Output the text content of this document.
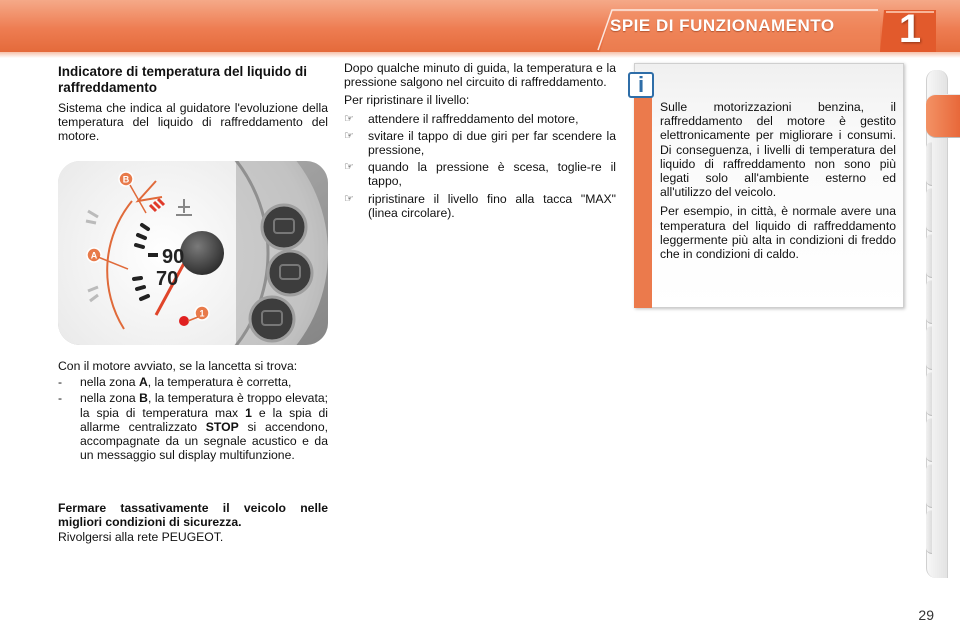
SPIE DI FUNZIONAMENTO	1
Indicatore di temperatura del liquido di raffreddamento
Sistema che indica al guidatore l'evoluzione della temperatura del liquido di raffreddamento del motore.
B
A
1
90
70
Con il motore avviato, se la lancetta si trova:
- nella zona A, la temperatura è corretta,
- nella zona B, la temperatura è troppo elevata; la spia di temperatura max 1 e la spia di allarme centralizzato STOP si accendono, accompagnate da un segnale acustico e da un messaggio sul display multifunzione.
Fermare tassativamente il veicolo nelle migliori condizioni di sicurezza.
Rivolgersi alla rete PEUGEOT.

Dopo qualche minuto di guida, la temperatura e la pressione salgono nel circuito di raffreddamento.

Per ripristinare il livello:

☞ attendere il raffreddamento del motore,
☞ svitare il tappo di due giri per far scendere la pressione,
☞ quando la pressione è scesa, toglie-re il tappo,
☞ ripristinare il livello fino alla tacca "MAX" (linea circolare).
i

Sulle motorizzazioni benzina, il raffreddamento del motore è gestito elettronicamente per migliorare i consumi. Di conseguenza, i livelli di temperatura del liquido di raffreddamento non sono più legati solo all'ambiente esterno ed all'utilizzo del veicolo.

Per esempio, in città, è normale avere una temperatura del liquido di raffreddamento leggermente più alta in condizioni di freddo che in condizioni di caldo.

29
